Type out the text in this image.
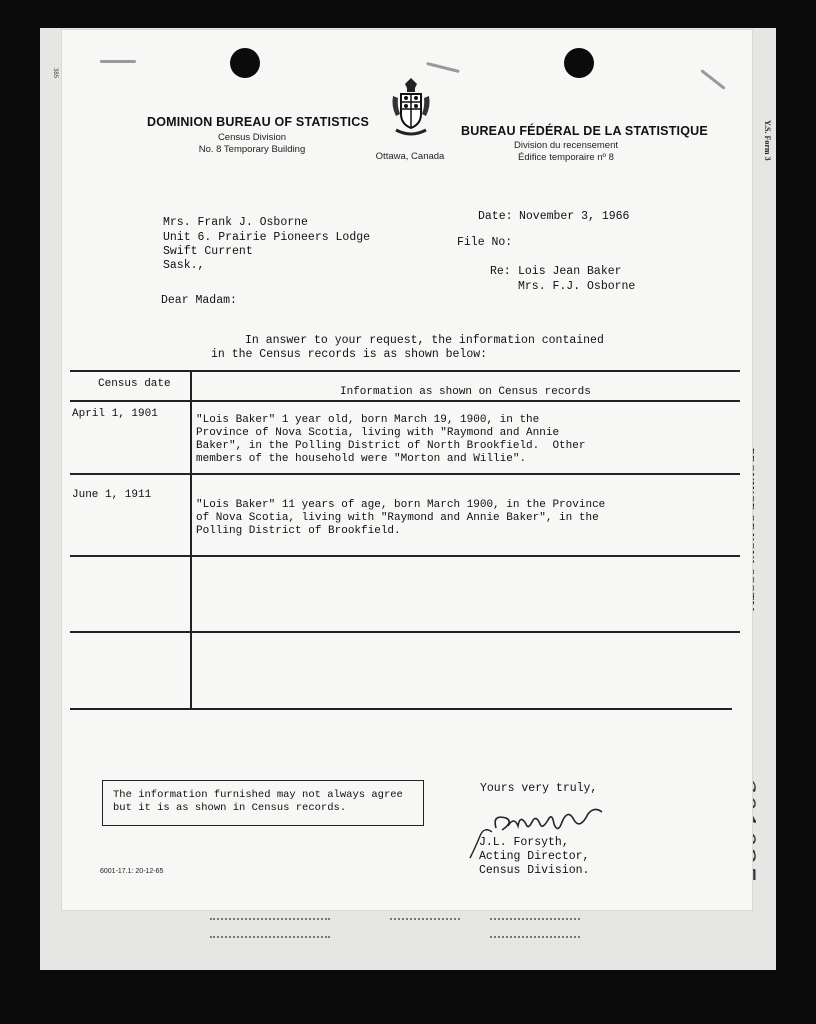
Y.S. Form 3
385
DOMINION BUREAU OF STATISTICS
Census Division
No. 8 Temporary Building
Ottawa, Canada
BUREAU FÉDÉRAL DE LA STATISTIQUE
Division du recensement
Édifice temporaire nº 8
Mrs. Frank J. Osborne
Unit 6. Prairie Pioneers Lodge
Swift Current
Sask.,
Date: November 3, 1966
File No:
Re: Lois Jean Baker
Mrs. F.J. Osborne
Dear Madam:
In answer to your request, the information contained
in the Census records is as shown below:
Census date
Information as shown on Census records
April 1, 1901	"Lois Baker" 1 year old, born March 19, 1900, in the
Province of Nova Scotia, living with "Raymond and Annie
Baker", in the Polling District of North Brookfield.  Other
members of the household were "Morton and Willie".
June 1, 1911
"Lois Baker" 11 years of age, born March 1900, in the Province
of Nova Scotia, living with "Raymond and Annie Baker", in the
Polling District of Brookfield.
The information furnished may not always agree
but it is as shown in Census records.
6001-17.1: 20-12-65
Yours very truly,
J.L. Forsyth,
Acting Director,
Census Division.
